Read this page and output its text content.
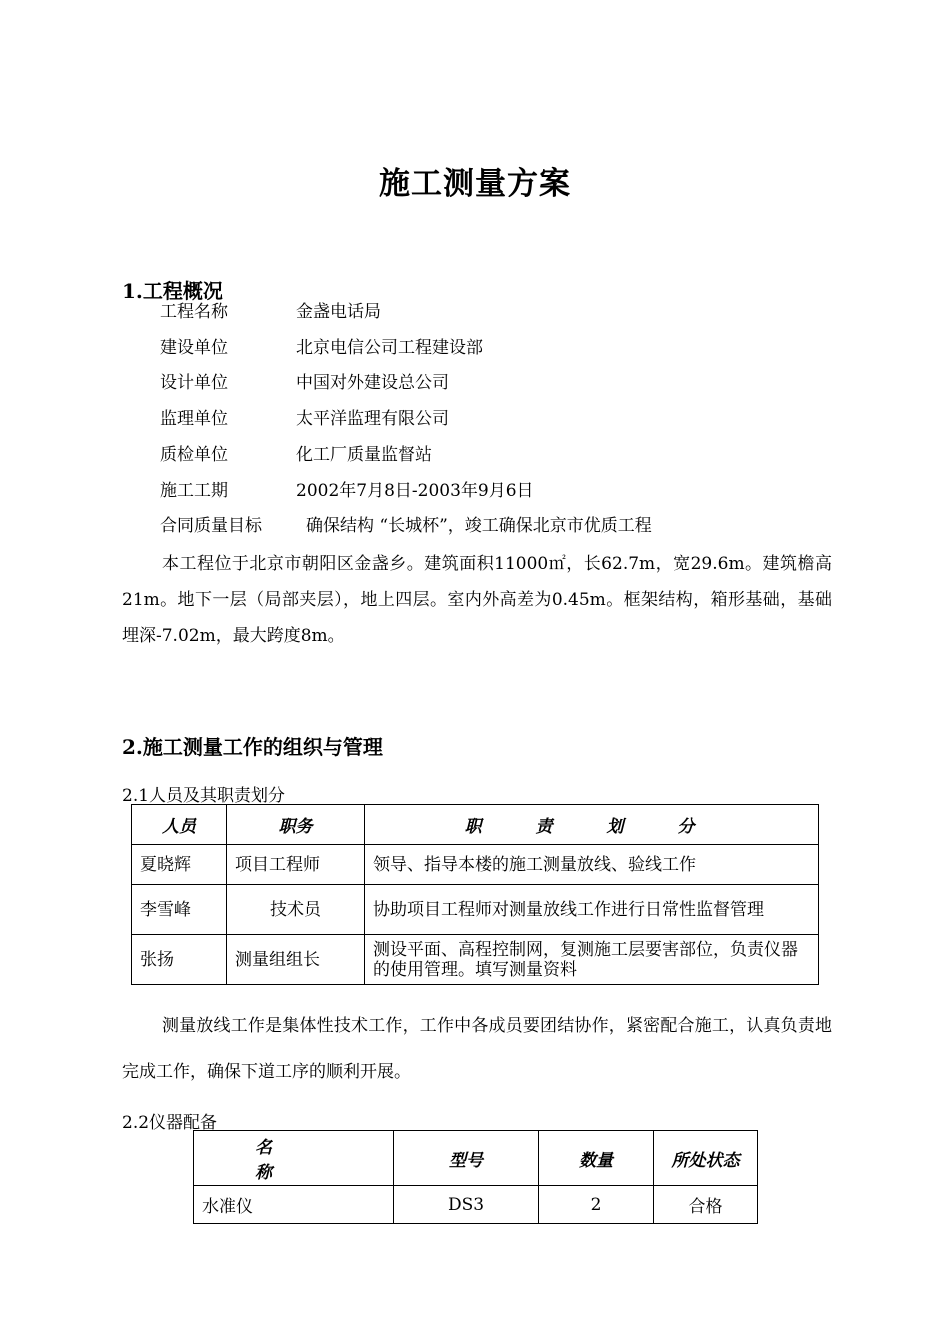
施工测量方案
1.工程概况
工程名称	金盏电话局
建设单位	北京电信公司工程建设部
设计单位	中国对外建设总公司
监理单位	太平洋监理有限公司
质检单位	化工厂质量监督站
施工工期	2002年7月8日-2003年9月6日
合同质量目标	确保结构 “长城杯”，竣工确保北京市优质工程

本工程位于北京市朝阳区金盏乡。建筑面积11000㎡，长62.7m，宽29.6m。建筑檐高21m。地下一层（局部夹层），地上四层。室内外高差为0.45m。框架结构，箱形基础，基础埋深-7.02m，最大跨度8m。

2.施工测量工作的组织与管理
2.1人员及其职责划分
人员	职务	职 责 划 分
夏晓辉	项目工程师	领导、指导本楼的施工测量放线、验线工作
李雪峰	技术员	协助项目工程师对测量放线工作进行日常性监督管理
张扬	测量组组长	测设平面、高程控制网，复测施工层要害部位，负责仪器的使用管理。填写测量资料

测量放线工作是集体性技术工作，工作中各成员要团结协作，紧密配合施工，认真负责地完成工作，确保下道工序的顺利开展。

2.2仪器配备
名 称	型号	数量	所处状态
水准仪	DS3	2	合格
